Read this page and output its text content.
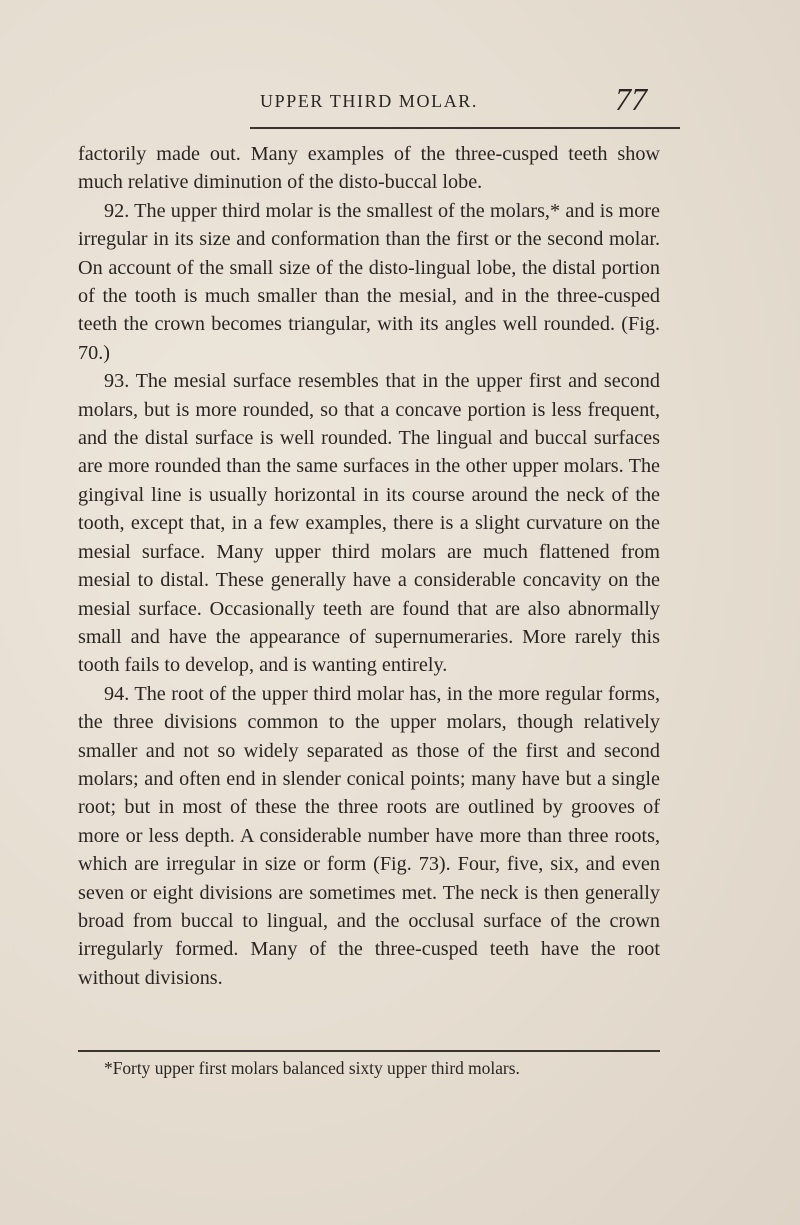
UPPER THIRD MOLAR.	77

factorily made out. Many examples of the three-cusped teeth show much relative diminution of the disto-buccal lobe.

92. The upper third molar is the smallest of the molars,* and is more irregular in its size and conformation than the first or the second molar. On account of the small size of the disto-lingual lobe, the distal portion of the tooth is much smaller than the mesial, and in the three-cusped teeth the crown becomes triangular, with its angles well rounded. (Fig. 70.)

93. The mesial surface resembles that in the upper first and second molars, but is more rounded, so that a concave portion is less frequent, and the distal surface is well rounded. The lingual and buccal surfaces are more rounded than the same surfaces in the other upper molars. The gingival line is usually horizontal in its course around the neck of the tooth, except that, in a few examples, there is a slight curvature on the mesial surface. Many upper third molars are much flattened from mesial to distal. These generally have a considerable concavity on the mesial surface. Occasionally teeth are found that are also abnormally small and have the appearance of supernumeraries. More rarely this tooth fails to develop, and is wanting entirely.

94. The root of the upper third molar has, in the more regular forms, the three divisions common to the upper molars, though relatively smaller and not so widely separated as those of the first and second molars; and often end in slender conical points; many have but a single root; but in most of these the three roots are outlined by grooves of more or less depth. A considerable number have more than three roots, which are irregular in size or form (Fig. 73). Four, five, six, and even seven or eight divisions are sometimes met. The neck is then generally broad from buccal to lingual, and the occlusal surface of the crown irregularly formed. Many of the three-cusped teeth have the root without divisions.

*Forty upper first molars balanced sixty upper third molars.
